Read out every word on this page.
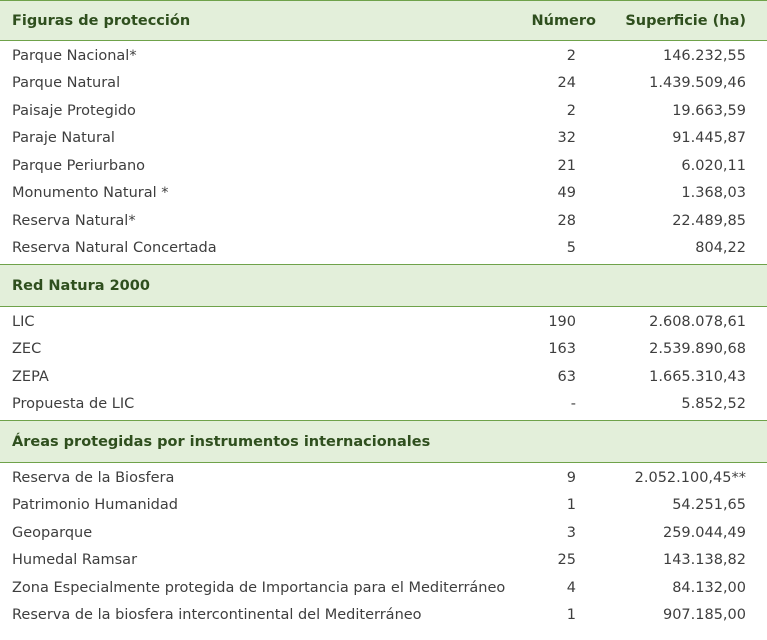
Figuras de protección	Número	Superficie (ha)
Parque Nacional*	2	146.232,55
Parque Natural	24	1.439.509,46
Paisaje Protegido	2	19.663,59
Paraje Natural	32	91.445,87
Parque Periurbano	21	6.020,11
Monumento Natural *	49	1.368,03
Reserva Natural*	28	22.489,85
Reserva Natural Concertada	5	804,22
Red Natura 2000
LIC	190	2.608.078,61
ZEC	163	2.539.890,68
ZEPA	63	1.665.310,43
Propuesta de LIC	-	5.852,52
Áreas protegidas por instrumentos internacionales
Reserva de la Biosfera	9	2.052.100,45**
Patrimonio Humanidad	1	54.251,65
Geoparque	3	259.044,49
Humedal Ramsar	25	143.138,82
Zona Especialmente protegida de Importancia para el Mediterráneo	4	84.132,00
Reserva de la biosfera intercontinental del Mediterráneo	1	907.185,00
